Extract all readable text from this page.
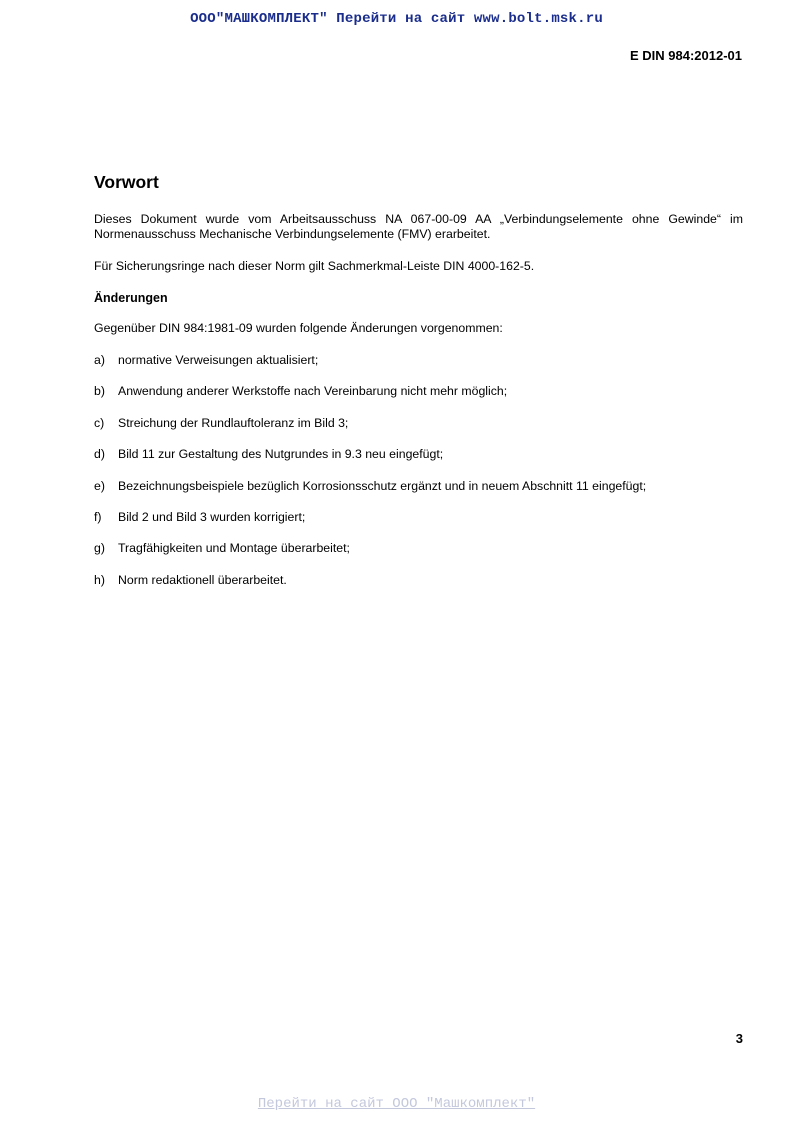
ООО"МАШКОМПЛЕКТ" Перейти на сайт www.bolt.msk.ru
E DIN 984:2012-01
Vorwort

Dieses Dokument wurde vom Arbeitsausschuss NA 067-00-09 AA „Verbindungselemente ohne Gewinde“ im Normenausschuss Mechanische Verbindungselemente (FMV) erarbeitet.

Für Sicherungsringe nach dieser Norm gilt Sachmerkmal-Leiste DIN 4000-162-5.

Änderungen

Gegenüber DIN 984:1981-09 wurden folgende Änderungen vorgenommen:

a)	normative Verweisungen aktualisiert;
b)	Anwendung anderer Werkstoffe nach Vereinbarung nicht mehr möglich;
c)	Streichung der Rundlauftoleranz im Bild 3;
d)	Bild 11 zur Gestaltung des Nutgrundes in 9.3 neu eingefügt;
e)	Bezeichnungsbeispiele bezüglich Korrosionsschutz ergänzt und in neuem Abschnitt 11 eingefügt;
f)	Bild 2 und Bild 3 wurden korrigiert;
g)	Tragfähigkeiten und Montage überarbeitet;
h)	Norm redaktionell überarbeitet.
3
Перейти на сайт ООО "Машкомплект"
